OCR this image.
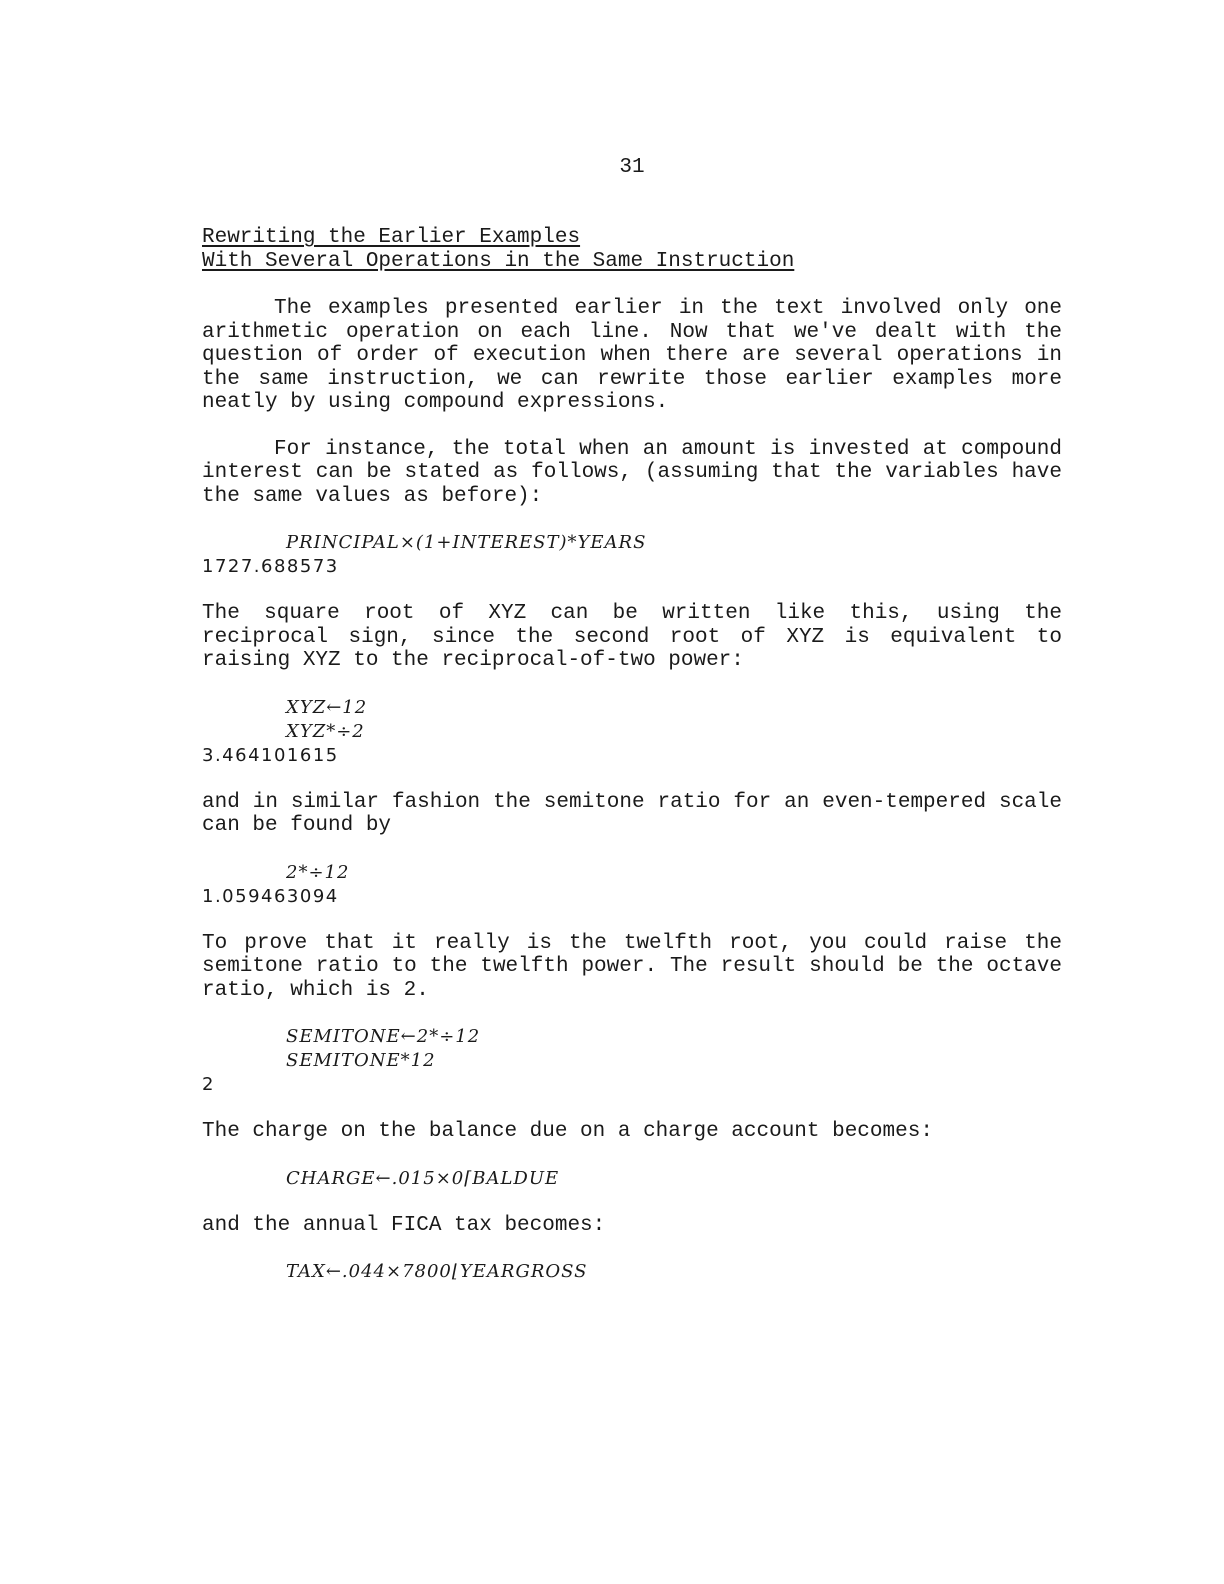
31
Rewriting the Earlier Examples
With Several Operations in the Same Instruction

The examples presented earlier in the text involved only one arithmetic operation on each line. Now that we've dealt with the question of order of execution when there are several operations in the same instruction, we can rewrite those earlier examples more neatly by using compound expressions.

For instance, the total when an amount is invested at compound interest can be stated as follows, (assuming that the variables have the same values as before):

PRINCIPAL×(1+INTEREST)*YEARS
1727.688573

The square root of XYZ can be written like this, using the reciprocal sign, since the second root of XYZ is equivalent to raising XYZ to the reciprocal-of-two power:

XYZ←12
XYZ*÷2
3.464101615

and in similar fashion the semitone ratio for an even-tempered scale can be found by

2*÷12
1.059463094

To prove that it really is the twelfth root, you could raise the semitone ratio to the twelfth power. The result should be the octave ratio, which is 2.

SEMITONE←2*÷12
SEMITONE*12
2

The charge on the balance due on a charge account becomes:

CHARGE←.015×0⌈BALDUE

and the annual FICA tax becomes:

TAX←.044×7800⌊YEARGROSS
